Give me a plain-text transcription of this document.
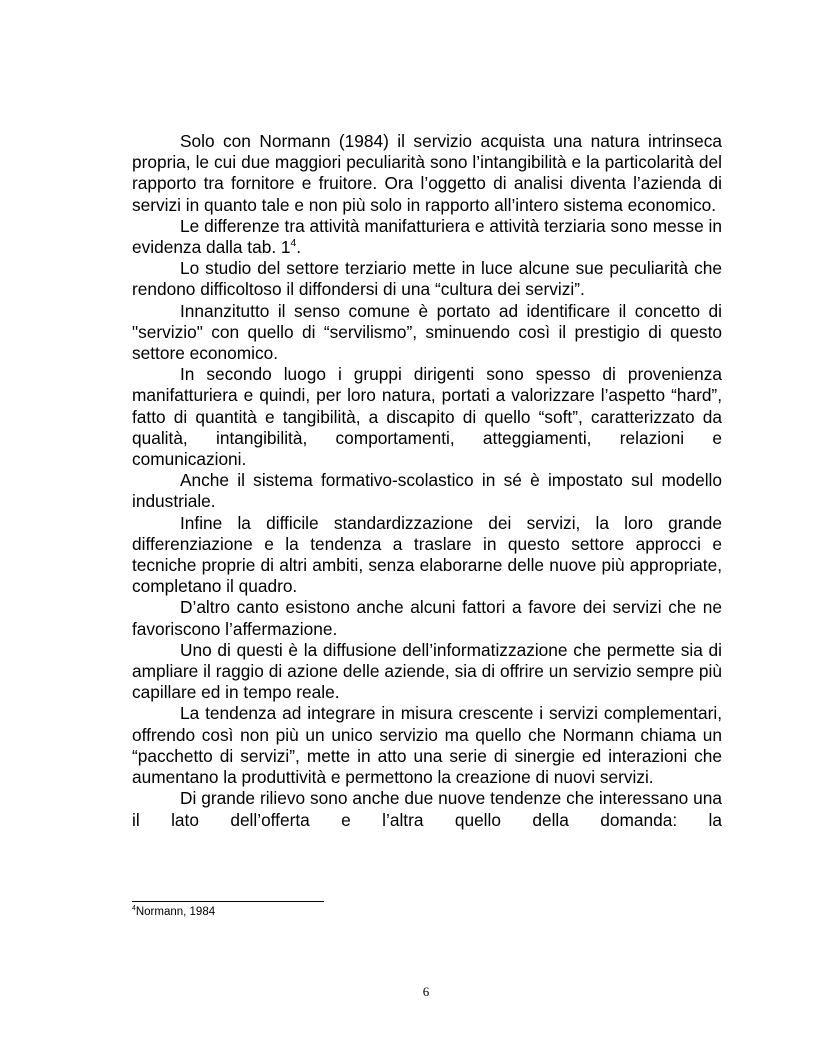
Solo con Normann (1984) il servizio acquista una natura intrinseca propria, le cui due maggiori peculiarità sono l’intangibilità e la particolarità del rapporto tra fornitore e fruitore. Ora l’oggetto di analisi diventa l’azienda di servizi in quanto tale e non più solo in rapporto all’intero sistema economico.

Le differenze tra attività manifatturiera e attività terziaria sono messe in evidenza dalla tab. $1^4$.

Lo studio del settore terziario mette in luce alcune sue peculiarità che rendono difficoltoso il diffondersi di una “cultura dei servizi”.

Innanzitutto il senso comune è portato ad identificare il concetto di "servizio" con quello di “servilismo”, sminuendo così il prestigio di questo settore economico.

In secondo luogo i gruppi dirigenti sono spesso di provenienza manifatturiera e quindi, per loro natura, portati a valorizzare l’aspetto “hard”, fatto di quantità e tangibilità, a discapito di quello “soft”, caratterizzato da qualità, intangibilità, comportamenti, atteggiamenti, relazioni e comunicazioni.

Anche il sistema formativo-scolastico in sé è impostato sul modello industriale.

Infine la difficile standardizzazione dei servizi, la loro grande differenziazione e la tendenza a traslare in questo settore approcci e tecniche proprie di altri ambiti, senza elaborarne delle nuove più appropriate, completano il quadro.

D’altro canto esistono anche alcuni fattori a favore dei servizi che ne favoriscono l’affermazione.

Uno di questi è la diffusione dell’informatizzazione che permette sia di ampliare il raggio di azione delle aziende, sia di offrire un servizio sempre più capillare ed in tempo reale.

La tendenza ad integrare in misura crescente i servizi complementari, offrendo così non più un unico servizio ma quello che Normann chiama un “pacchetto di servizi”, mette in atto una serie di sinergie ed interazioni che aumentano la produttività e permettono la creazione di nuovi servizi.

Di grande rilievo sono anche due nuove tendenze che interessano una il lato dell’offerta e l’altra quello della domanda: la

$^4$Normann, 1984
6
